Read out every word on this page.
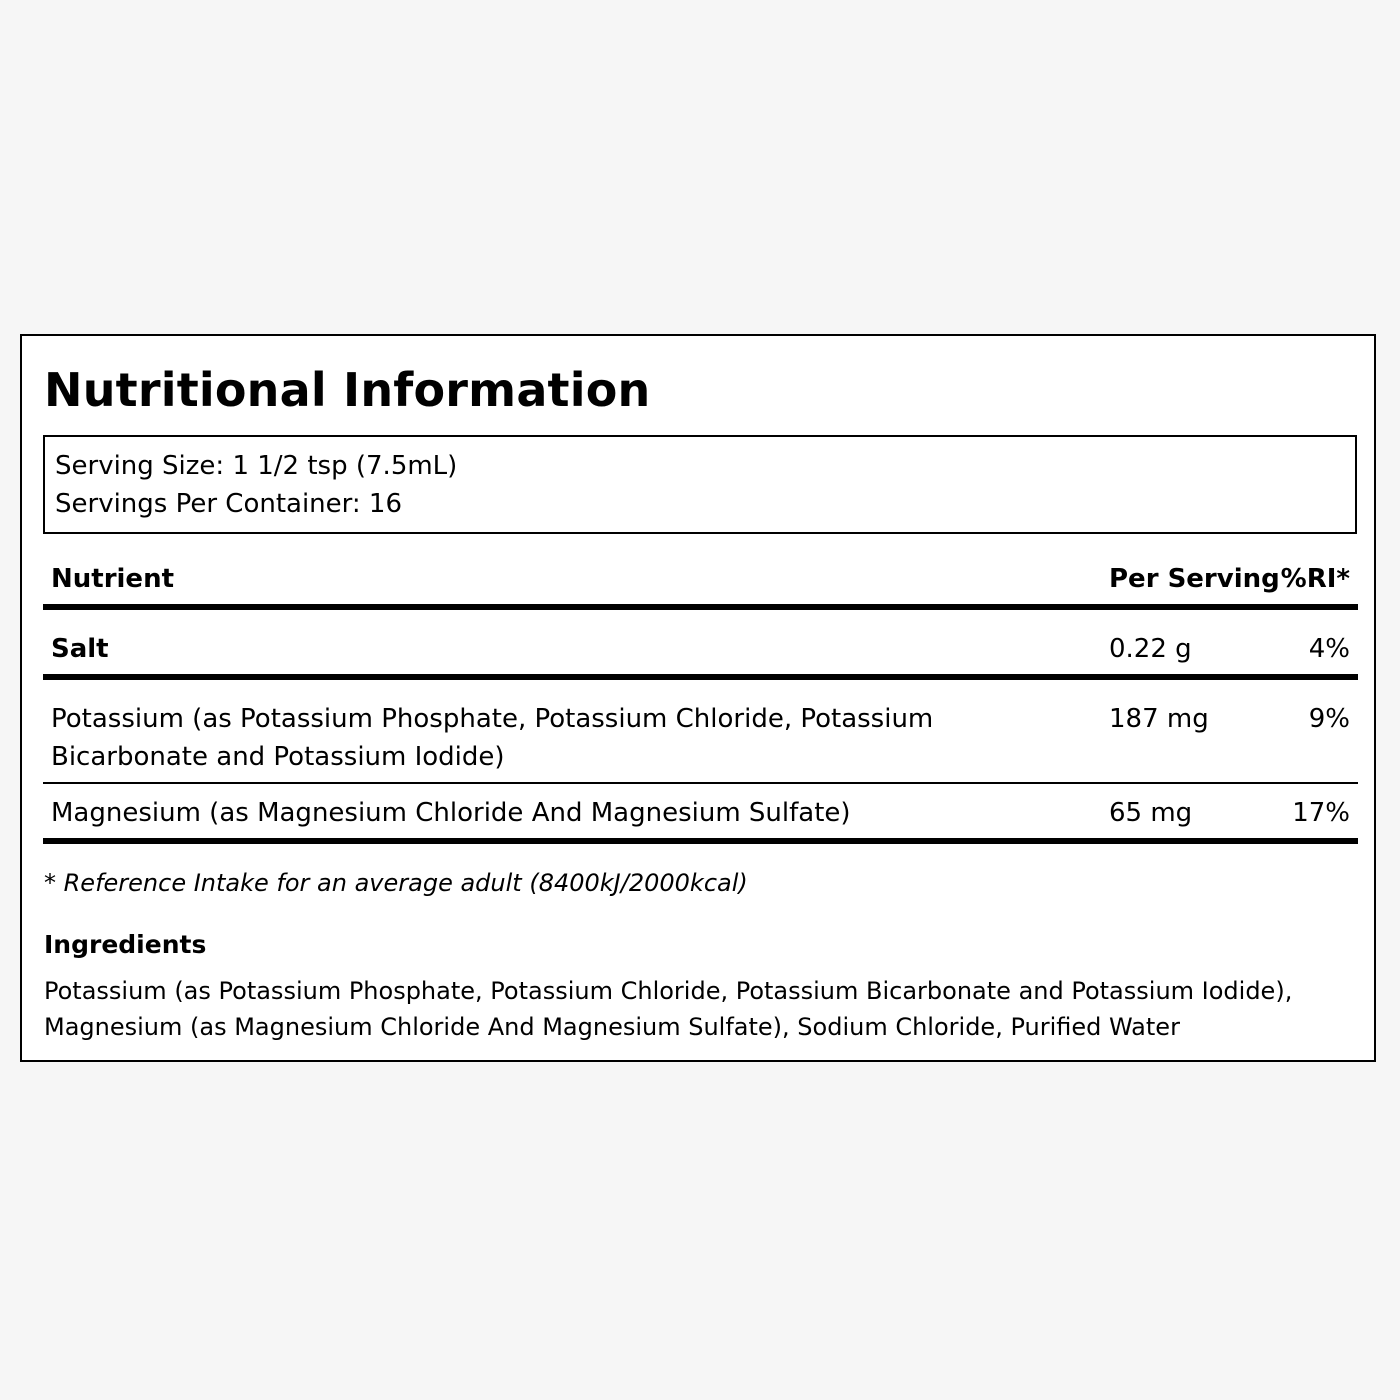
Nutritional Information
Serving Size: 1 1/2 tsp (7.5mL)
Servings Per Container: 16
Nutrient	Per Serving %RI*
Salt	0.22 g	4%
Potassium (as Potassium Phosphate, Potassium Chloride, Potassium
Bicarbonate and Potassium Iodide)
187 mg	9%
Magnesium (as Magnesium Chloride And Magnesium Sulfate)	65 mg	17%
* Reference Intake for an average adult (8400kJ/2000kcal)
Ingredients
Potassium (as Potassium Phosphate, Potassium Chloride, Potassium Bicarbonate and Potassium Iodide), Magnesium (as Magnesium Chloride And Magnesium Sulfate), Sodium Chloride, Purified Water
